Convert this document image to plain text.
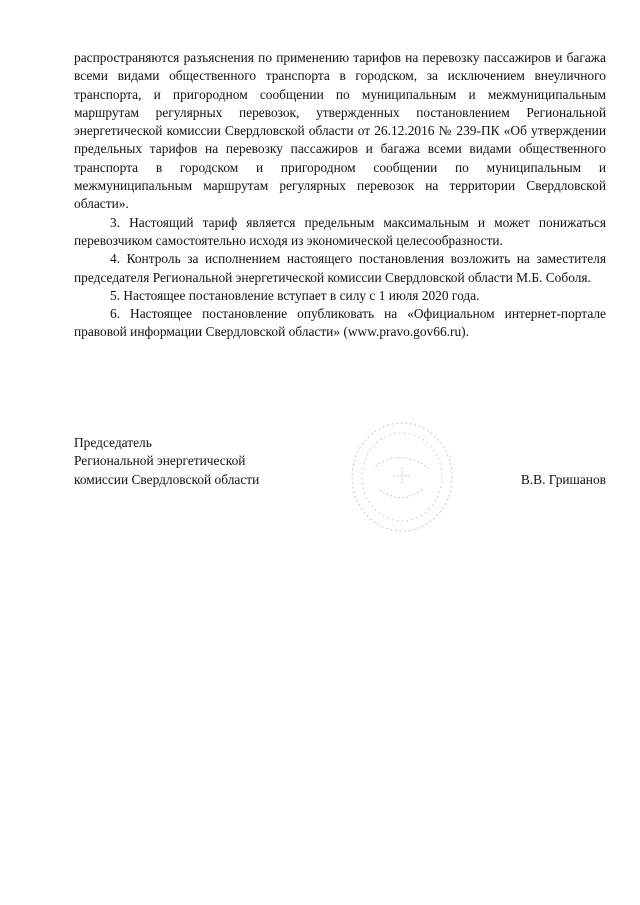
распространяются разъяснения по применению тарифов на перевозку пассажиров и багажа всеми видами общественного транспорта в городском, за исключением внеуличного транспорта, и пригородном сообщении по муниципальным и межмуниципальным маршрутам регулярных перевозок, утвержденных постановлением Региональной энергетической комиссии Свердловской области от 26.12.2016 № 239-ПК «Об утверждении предельных тарифов на перевозку пассажиров и багажа всеми видами общественного транспорта в городском и пригородном сообщении по муниципальным и межмуниципальным маршрутам регулярных перевозок на территории Свердловской области».

3. Настоящий тариф является предельным максимальным и может понижаться перевозчиком самостоятельно исходя из экономической целесообразности.

4. Контроль за исполнением настоящего постановления возложить на заместителя председателя Региональной энергетической комиссии Свердловской области М.Б. Соболя.

5. Настоящее постановление вступает в силу с 1 июля 2020 года.

6. Настоящее постановление опубликовать на «Официальном интернет-портале правовой информации Свердловской области» (www.pravo.gov66.ru).

Председатель
Региональной энергетической
комиссии Свердловской области	В.В. Гришанов
